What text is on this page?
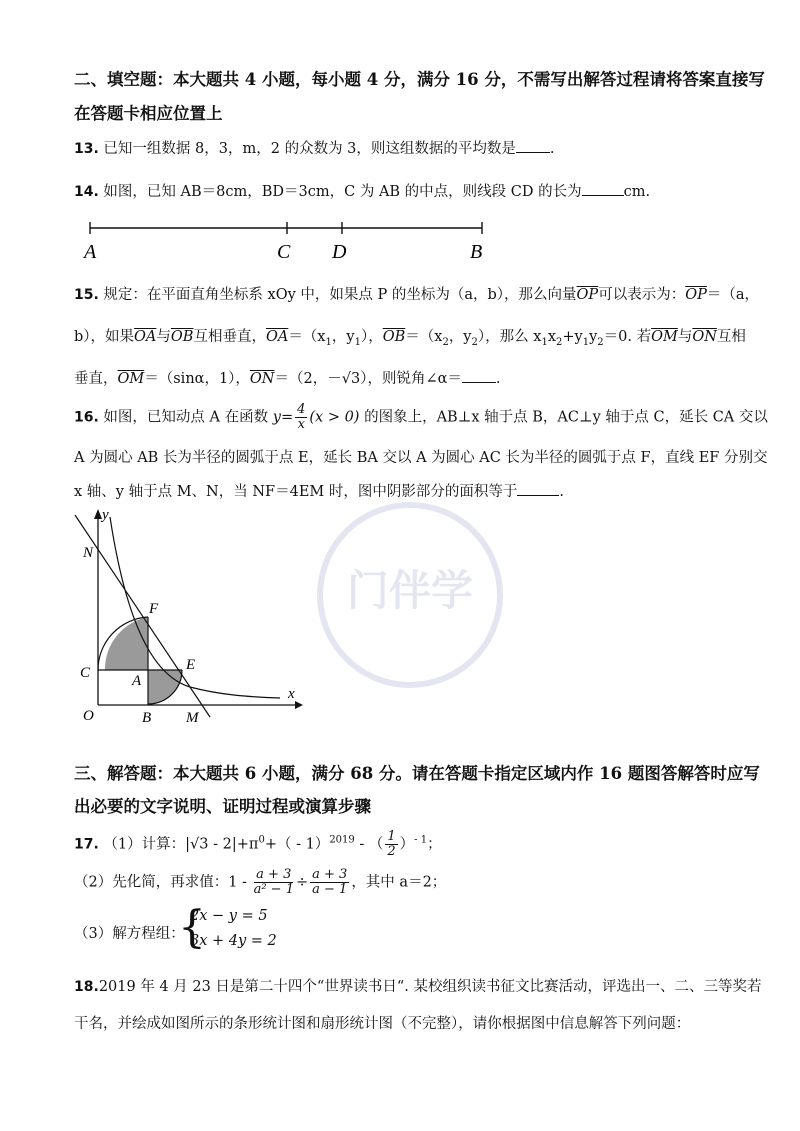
二、填空题：本大题共 4 小题，每小题 4 分，满分 16 分，不需写出解答过程请将答案直接写
在答题卡相应位置上
13. 已知一组数据 8，3，m，2 的众数为 3，则这组数据的平均数是 .
14. 如图，已知 AB＝8cm，BD＝3cm，C 为 AB 的中点，则线段 CD 的长为	cm.
A	C D	B
15. 规定：在平面直角坐标系 xOy 中，如果点 P 的坐标为（a，b），那么向量$\overline{OP}$可以表示为：$\overline{OP}=(a$，
b），如果$\overline{OA}$与$\overline{OB}$互相垂直，$\overline{OA}=(x_1$，$y_1$），$\overline{OB}=(x_2$，$y_2$），那么 $x_1x_2+y_1y_2=0$. 若$\overline{OM}$与$\overline{ON}$互相
垂直，$\overline{OM}=(\sin\alpha$，1），$\overline{ON}=(2$，－√3），则锐角∠α＝ .
16. 如图，已知动点 A 在函数 $y= \frac{4}{x} (x > 0)$ 的图象上，AB⊥x 轴于点 B，AC⊥y 轴于点 C，延长 CA 交以
A 为圆心 AB 长为半径的圆弧于点 E，延长 BA 交以 A 为圆心 AC 长为半径的圆弧于点 F，直线 EF 分别交
x 轴、y 轴于点 M、N，当 NF＝4EM 时，图中阴影部分的面积等于	.
门伴学
y
x
N
F
C	A
E
O	B M
三、解答题：本大题共 6 小题，满分 68 分。请在答题卡指定区域内作 16 题图答解答时应写
出必要的文字说明、证明过程或演算步骤
17. （1）计算：$|√3 - 2|+\pi^0+( - 1)^{2019}$ - （ $\frac{1}{2} )^{- 1}$；
（2）先化简，再求值：$1 - \frac{a + 3}{\text{a² − 1}} \div \frac{a + 3}{a - 1}$ ，其中 a＝2；
（3）解方程组：
{
2x − y = 5
3x + 4y = 2
18.2019 年 4 月 23 日是第二十四个“世界读书日“. 某校组织读书征文比赛活动，评选出一、二、三等奖若
干名，并绘成如图所示的条形统计图和扇形统计图（不完整），请你根据图中信息解答下列问题：
